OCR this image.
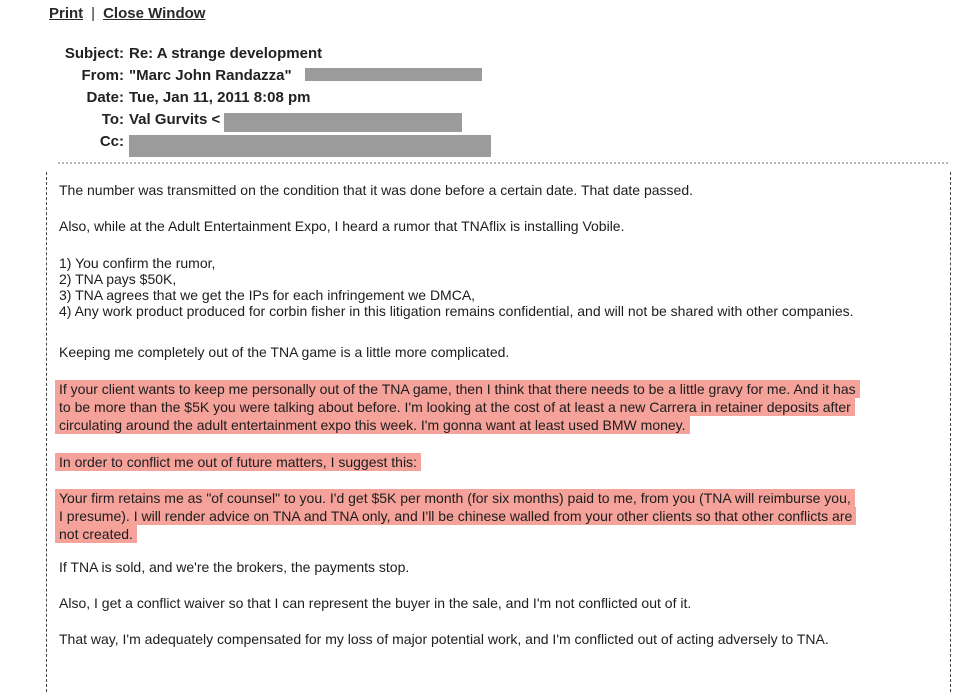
Print | Close Window
Subject: Re: A strange development
From: "Marc John Randazza"
Date: Tue, Jan 11, 2011 8:08 pm
To: Val Gurvits <
Cc:
The number was transmitted on the condition that it was done before a certain date. That date passed.
Also, while at the Adult Entertainment Expo, I heard a rumor that TNAflix is installing Vobile.
1) You confirm the rumor,
2) TNA pays $50K,
3) TNA agrees that we get the IPs for each infringement we DMCA,
4) Any work product produced for corbin fisher in this litigation remains confidential, and will not be shared with other companies.
Keeping me completely out of the TNA game is a little more complicated.
If your client wants to keep me personally out of the TNA game, then I think that there needs to be a little gravy for me. And it has
to be more than the $5K you were talking about before. I'm looking at the cost of at least a new Carrera in retainer deposits after
circulating around the adult entertainment expo this week. I'm gonna want at least used BMW money.
In order to conflict me out of future matters, I suggest this:
Your firm retains me as "of counsel" to you. I'd get $5K per month (for six months) paid to me, from you (TNA will reimburse you,
I presume). I will render advice on TNA and TNA only, and I'll be chinese walled from your other clients so that other conflicts are
not created.
If TNA is sold, and we're the brokers, the payments stop.
Also, I get a conflict waiver so that I can represent the buyer in the sale, and I'm not conflicted out of it.
That way, I'm adequately compensated for my loss of major potential work, and I'm conflicted out of acting adversely to TNA.
